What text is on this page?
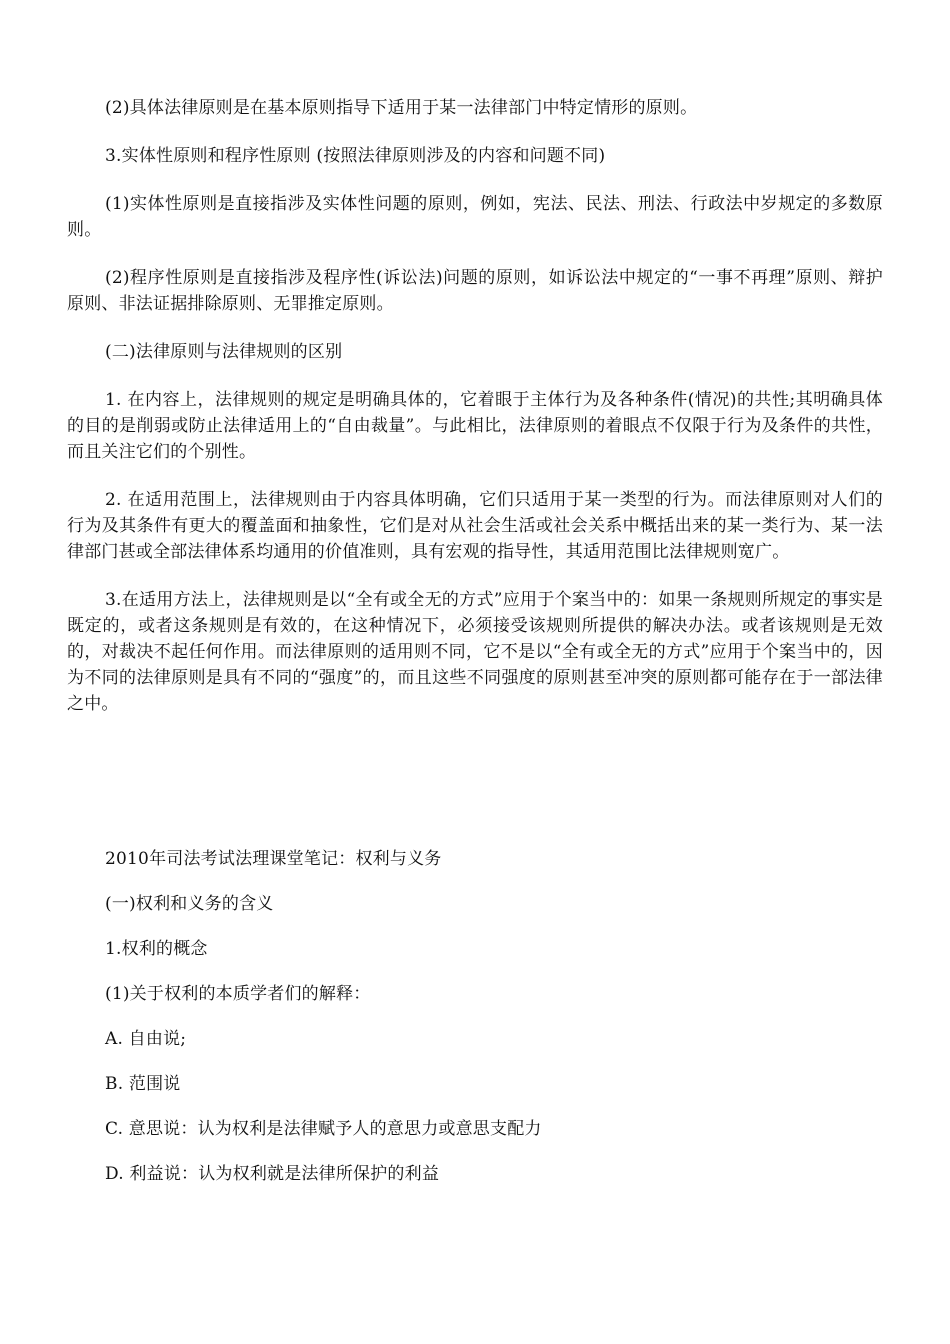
(2)具体法律原则是在基本原则指导下适用于某一法律部门中特定情形的原则。

3.实体性原则和程序性原则 (按照法律原则涉及的内容和问题不同)

(1)实体性原则是直接指涉及实体性问题的原则，例如，宪法、民法、刑法、行政法中岁规定的多数原则。

(2)程序性原则是直接指涉及程序性(诉讼法)问题的原则，如诉讼法中规定的“一事不再理”原则、辩护原则、非法证据排除原则、无罪推定原则。

(二)法律原则与法律规则的区别

1. 在内容上，法律规则的规定是明确具体的，它着眼于主体行为及各种条件(情况)的共性;其明确具体的目的是削弱或防止法律适用上的“自由裁量”。与此相比，法律原则的着眼点不仅限于行为及条件的共性，而且关注它们的个别性。

2. 在适用范围上，法律规则由于内容具体明确，它们只适用于某一类型的行为。而法律原则对人们的行为及其条件有更大的覆盖面和抽象性，它们是对从社会生活或社会关系中概括出来的某一类行为、某一法律部门甚或全部法律体系均通用的价值准则，具有宏观的指导性，其适用范围比法律规则宽广。

3.在适用方法上，法律规则是以“全有或全无的方式”应用于个案当中的：如果一条规则所规定的事实是既定的，或者这条规则是有效的，在这种情况下，必须接受该规则所提供的解决办法。或者该规则是无效的，对裁决不起任何作用。而法律原则的适用则不同，它不是以“全有或全无的方式”应用于个案当中的，因为不同的法律原则是具有不同的“强度”的，而且这些不同强度的原则甚至冲突的原则都可能存在于一部法律之中。

2010年司法考试法理课堂笔记：权利与义务

(一)权利和义务的含义

1.权利的概念

(1)关于权利的本质学者们的解释：

A. 自由说;

B. 范围说

C. 意思说：认为权利是法律赋予人的意思力或意思支配力

D. 利益说：认为权利就是法律所保护的利益
